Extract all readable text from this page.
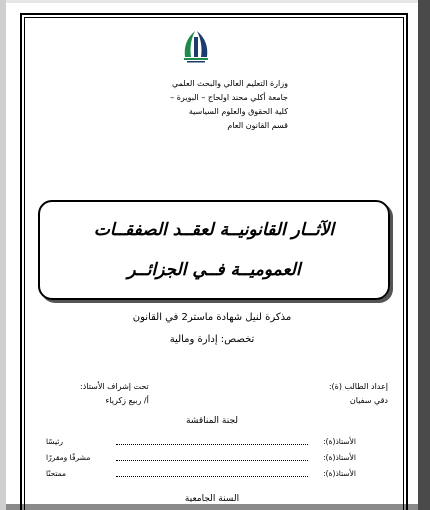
وزارة التعليم العالي والبحث العلمي
جامعة أكلي محند اولحاج – البويرة –
كلية الحقوق والعلوم السياسية
قسم القانون العام
الآثــار القانونيــة لعقــد الصفقــات
العموميــة فــي الجزائــر
مذكرة لنيل شهادة ماستر2 في القانون
تخصص: إدارة ومالية
إعداد الطالب (ة):
دقي سفيان
تحت إشراف الأستاذ:
أ/ ربيع زكرياء
لجنة المناقشة
الأستاذ(ة):
رئيسًا
الأستاذ(ة):
مشرفًا ومقررًا
الأستاذ(ة):
ممتحنًا
السنة الجامعية
